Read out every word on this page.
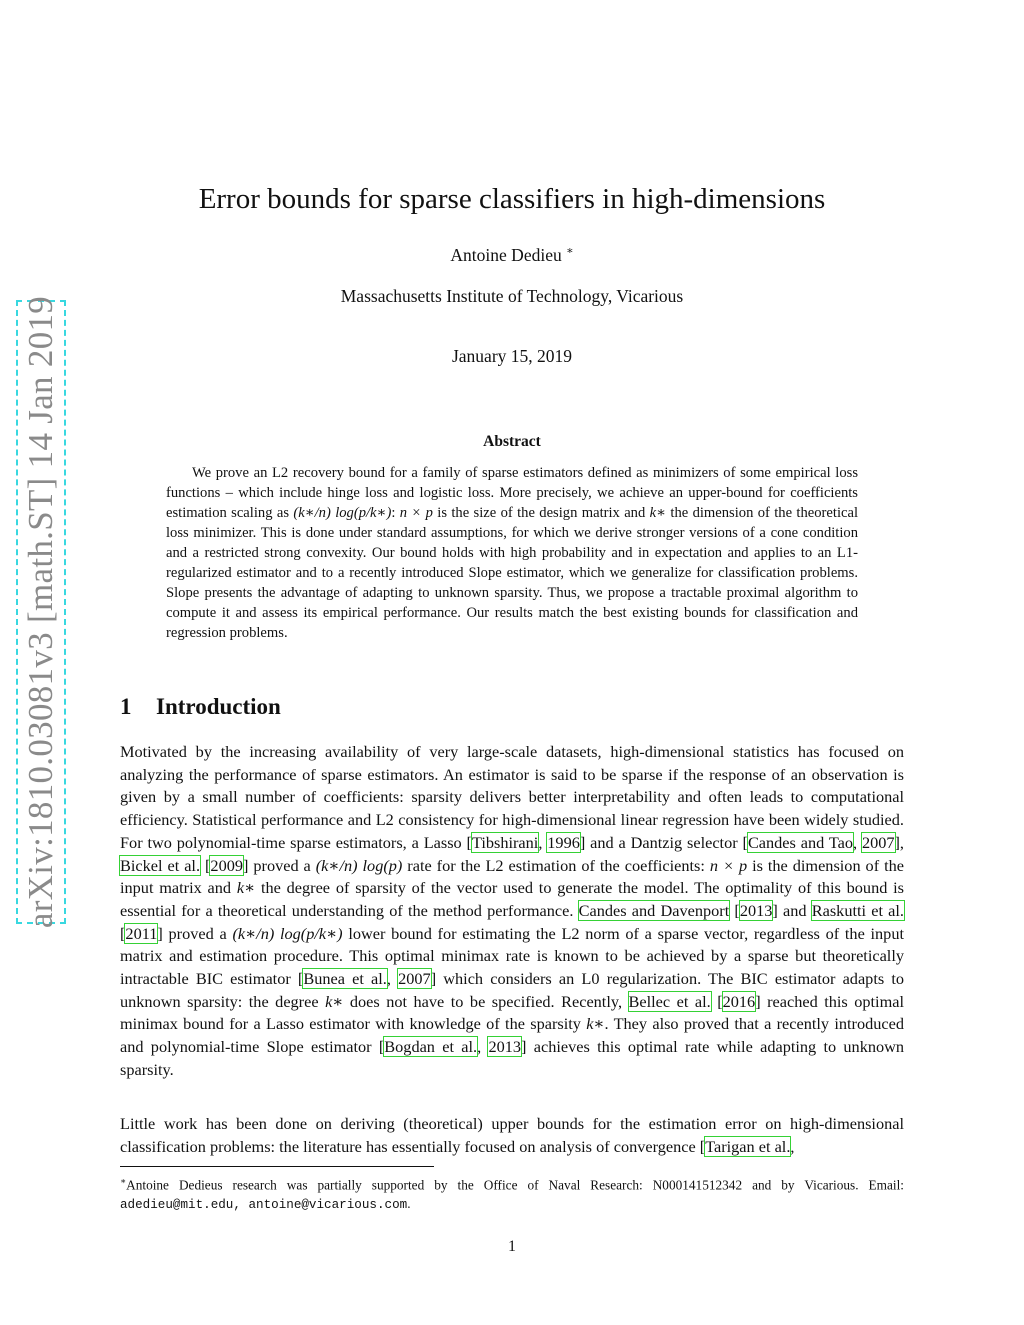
arXiv:1810.03081v3 [math.ST] 14 Jan 2019
Error bounds for sparse classifiers in high-dimensions
Antoine Dedieu ∗
Massachusetts Institute of Technology, Vicarious
January 15, 2019
Abstract

We prove an L2 recovery bound for a family of sparse estimators defined as minimizers of some empirical loss functions – which include hinge loss and logistic loss. More precisely, we achieve an upper-bound for coefficients estimation scaling as (k∗/n) log(p/k∗): n × p is the size of the design matrix and k∗ the dimension of the theoretical loss minimizer. This is done under standard assumptions, for which we derive stronger versions of a cone condition and a restricted strong convexity. Our bound holds with high probability and in expectation and applies to an L1-regularized estimator and to a recently introduced Slope estimator, which we generalize for classification problems. Slope presents the advantage of adapting to unknown sparsity. Thus, we propose a tractable proximal algorithm to compute it and assess its empirical performance. Our results match the best existing bounds for classification and regression problems.

1 Introduction

Motivated by the increasing availability of very large-scale datasets, high-dimensional statistics has focused on analyzing the performance of sparse estimators. An estimator is said to be sparse if the response of an observation is given by a small number of coefficients: sparsity delivers better interpretability and often leads to computational efficiency. Statistical performance and L2 consistency for high-dimensional linear regression have been widely studied. For two polynomial-time sparse estimators, a Lasso [Tibshirani, 1996] and a Dantzig selector [Candes and Tao, 2007], Bickel et al. [2009] proved a (k∗/n) log(p) rate for the L2 estimation of the coefficients: n × p is the dimension of the input matrix and k∗ the degree of sparsity of the vector used to generate the model. The optimality of this bound is essential for a theoretical understanding of the method performance. Candes and Davenport [2013] and Raskutti et al. [2011] proved a (k∗/n) log(p/k∗) lower bound for estimating the L2 norm of a sparse vector, regardless of the input matrix and estimation procedure. This optimal minimax rate is known to be achieved by a sparse but theoretically intractable BIC estimator [Bunea et al., 2007] which considers an L0 regularization. The BIC estimator adapts to unknown sparsity: the degree k∗ does not have to be specified. Recently, Bellec et al. [2016] reached this optimal minimax bound for a Lasso estimator with knowledge of the sparsity k∗. They also proved that a recently introduced and polynomial-time Slope estimator [Bogdan et al., 2013] achieves this optimal rate while adapting to unknown sparsity.

Little work has been done on deriving (theoretical) upper bounds for the estimation error on high-dimensional classification problems: the literature has essentially focused on analysis of convergence [Tarigan et al.,

∗Antoine Dedieus research was partially supported by the Office of Naval Research: N000141512342 and by Vicarious. Email: adedieu@mit.edu, antoine@vicarious.com.
1
